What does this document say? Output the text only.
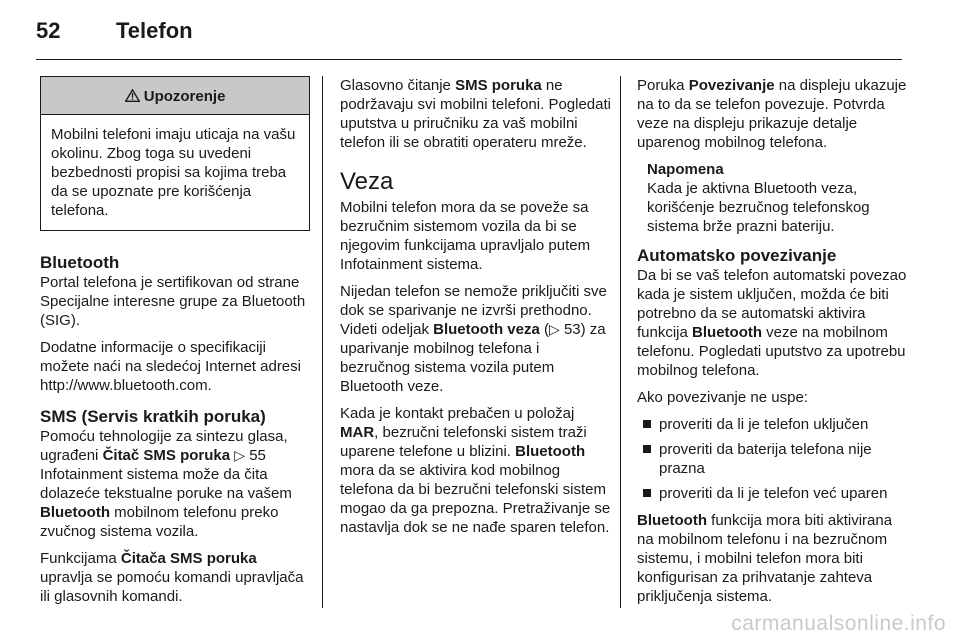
52	Telefon
Upozorenje
Mobilni telefoni imaju uticaja na vašu okolinu. Zbog toga su uvedeni bezbednosti propisi sa kojima treba da se upoznate pre korišćenja telefona.
Bluetooth

Portal telefona je sertifikovan od strane Specijalne interesne grupe za Bluetooth (SIG).

Dodatne informacije o specifikaciji možete naći na sledećoj Internet adresi http://www.bluetooth.com.

SMS (Servis kratkih poruka)

Pomoću tehnologije za sintezu glasa, ugrađeni Čitač SMS poruka ▷ 55 Infotainment sistema može da čita dolazeće tekstualne poruke na vašem Bluetooth mobilnom telefonu preko zvučnog sistema vozila.

Funkcijama Čitača SMS poruka upravlja se pomoću komandi upravljača ili glasovnih komandi.

Glasovno čitanje SMS poruka ne podržavaju svi mobilni telefoni. Pogledati uputstva u priručniku za vaš mobilni telefon ili se obratiti operateru mreže.

Veza

Mobilni telefon mora da se poveže sa bezručnim sistemom vozila da bi se njegovim funkcijama upravljalo putem Infotainment sistema.

Nijedan telefon se nemože priključiti sve dok se sparivanje ne izvrši prethodno. Videti odeljak Bluetooth veza (▷ 53) za uparivanje mobilnog telefona i bezručnog sistema vozila putem Bluetooth veze.

Kada je kontakt prebačen u položaj MAR, bezručni telefonski sistem traži uparene telefone u blizini. Bluetooth mora da se aktivira kod mobilnog telefona da bi bezručni telefonski sistem mogao da ga prepozna. Pretraživanje se nastavlja dok se ne nađe sparen telefon.

Poruka Povezivanje na displeju ukazuje na to da se telefon povezuje. Potvrda veze na displeju prikazuje detalje uparenog mobilnog telefona.

Napomena
Kada je aktivna Bluetooth veza, korišćenje bezručnog telefonskog sistema brže prazni bateriju.
Automatsko povezivanje

Da bi se vaš telefon automatski povezao kada je sistem uključen, možda će biti potrebno da se automatski aktivira funkcija Bluetooth veze na mobilnom telefonu. Pogledati uputstvo za upotrebu mobilnog telefona.

Ako povezivanje ne uspe:

proveriti da li je telefon uključen
proveriti da baterija telefona nije prazna
proveriti da li je telefon već uparen

Bluetooth funkcija mora biti aktivirana na mobilnom telefonu i na bezručnom sistemu, i mobilni telefon mora biti konfigurisan za prihvatanje zahteva priključenja sistema.

carmanualsonline.info
